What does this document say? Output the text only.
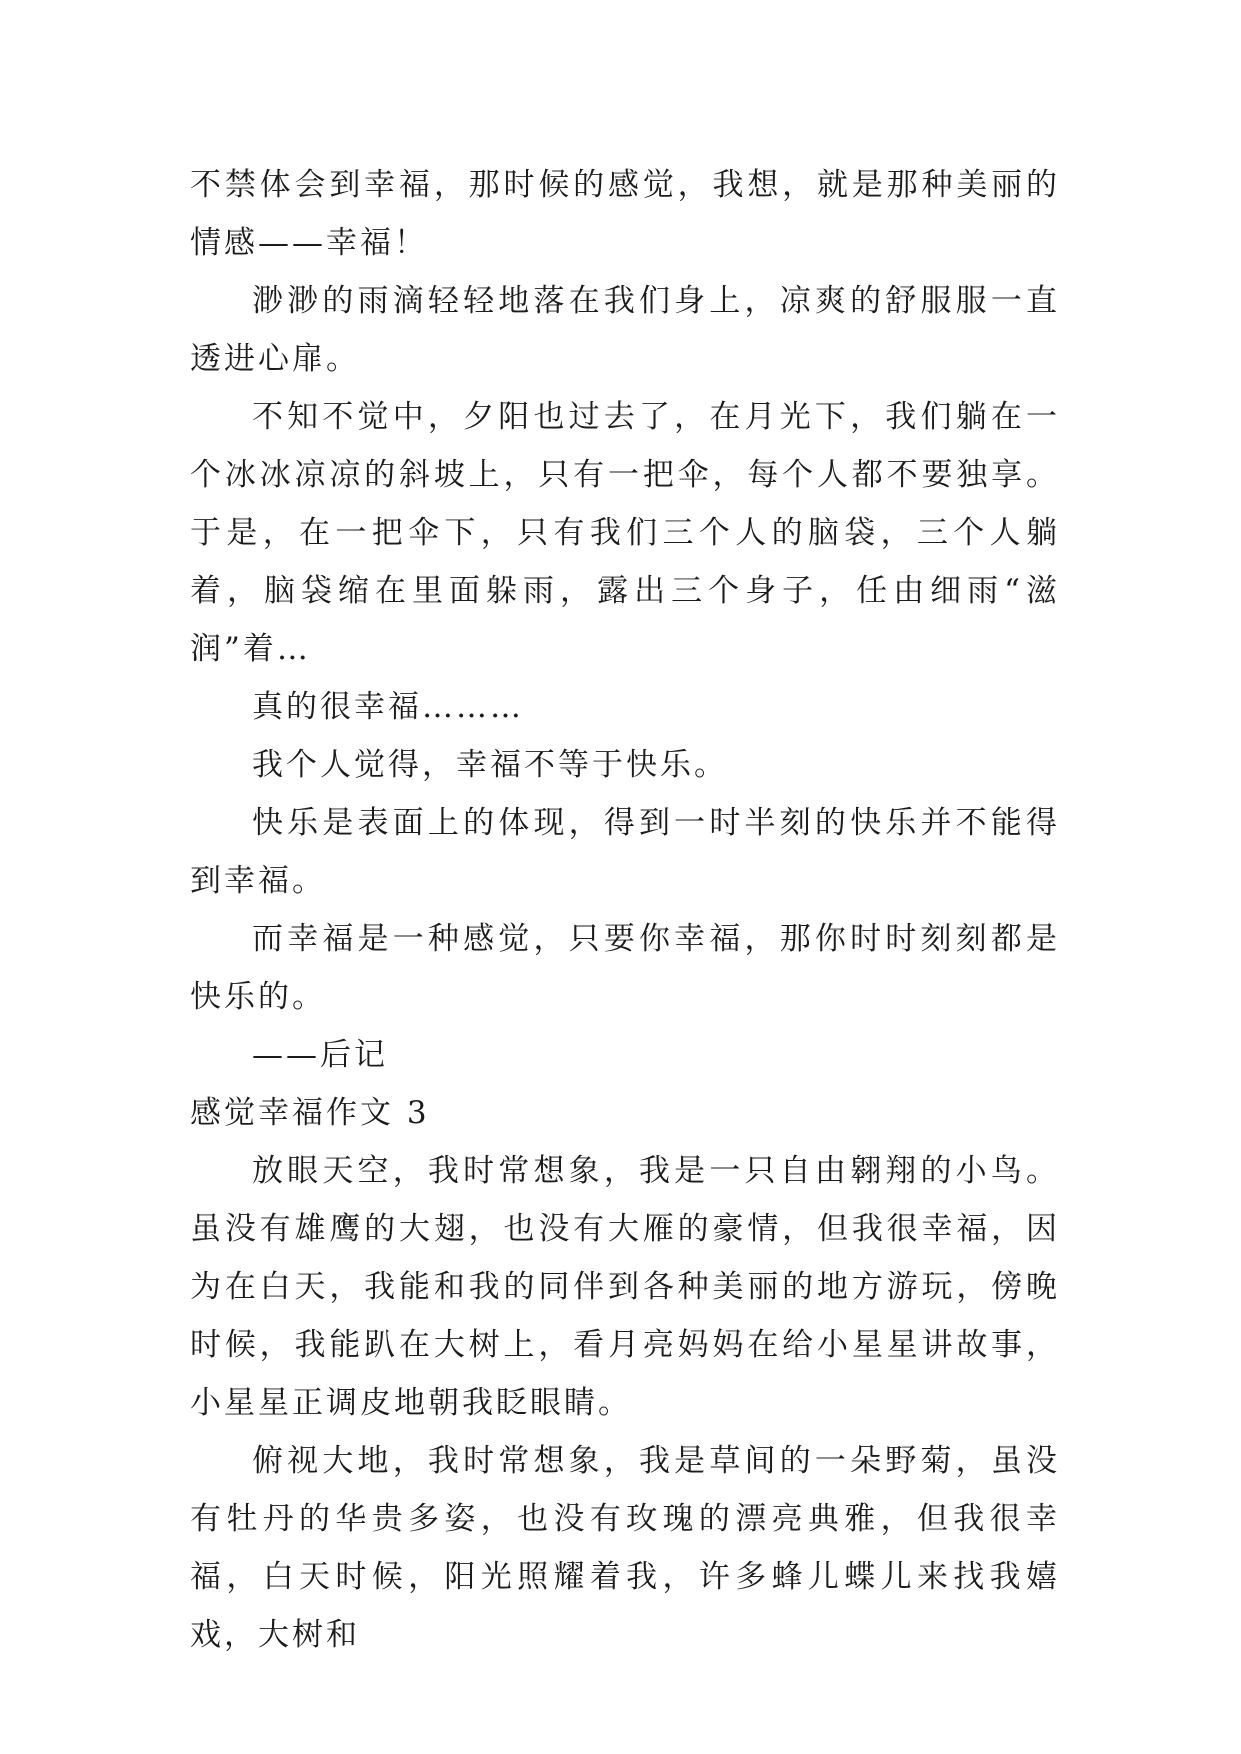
不禁体会到幸福，那时候的感觉，我想，就是那种美丽的情感——幸福！

渺渺的雨滴轻轻地落在我们身上，凉爽的舒服服一直透进心扉。

不知不觉中，夕阳也过去了，在月光下，我们躺在一个冰冰凉凉的斜坡上，只有一把伞，每个人都不要独享。于是，在一把伞下，只有我们三个人的脑袋，三个人躺着，脑袋缩在里面躲雨，露出三个身子，任由细雨“滋润”着…

真的很幸福………

我个人觉得，幸福不等于快乐。

快乐是表面上的体现，得到一时半刻的快乐并不能得到幸福。

而幸福是一种感觉，只要你幸福，那你时时刻刻都是快乐的。

——后记

感觉幸福作文 3

放眼天空，我时常想象，我是一只自由翱翔的小鸟。虽没有雄鹰的大翅，也没有大雁的豪情，但我很幸福，因为在白天，我能和我的同伴到各种美丽的地方游玩，傍晚时候，我能趴在大树上，看月亮妈妈在给小星星讲故事，小星星正调皮地朝我眨眼睛。

俯视大地，我时常想象，我是草间的一朵野菊，虽没有牡丹的华贵多姿，也没有玫瑰的漂亮典雅，但我很幸福，白天时候，阳光照耀着我，许多蜂儿蝶儿来找我嬉戏，大树和
